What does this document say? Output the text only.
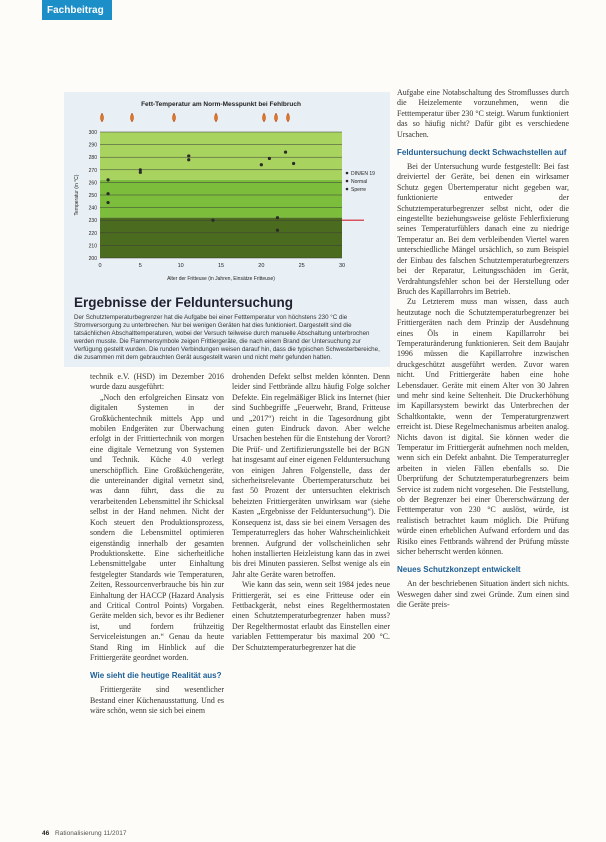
Fachbeitrag
300
290
280
270
260
250
240
230
220
210
200
0	5	10	15	20	25	30
Fett-Temperatur am Norm-Messpunkt bei Fehlbruch
Alter der Fritteuse (in Jahren, Einsätze Fritteuse)
Temperatur (in °C)
DIN/EN 19
Normal
Sperre
Ergebnisse der Felduntersuchung

Der Schutztemperaturbegrenzer hat die Aufgabe bei einer Fetttemperatur von höchstens 230 °C die Stromversorgung zu unterbrechen. Nur bei wenigen Geräten hat dies funktioniert. Dargestellt sind die tatsächlichen Abschalttemperaturen, wobei der Versuch teilweise durch manuelle Abschaltung unterbrochen werden musste. Die Flammensymbole zeigen Frittiergeräte, die nach einem Brand der Untersuchung zur Verfügung gestellt wurden. Die runden Verbindungen weisen darauf hin, dass die typischen Schwesterbereiche, die zusammen mit dem gebrauchten Gerät ausgestellt waren und nicht mehr gefunden hatten.

technik e.V. (HSD) im Dezember 2016 wurde dazu ausgeführt:

„Noch den erfolgreichen Einsatz von digitalen Systemen in der Großküchentechnik mittels App und mobilen Endgeräten zur Überwachung erfolgt in der Frittiertechnik von morgen eine digitale Vernetzung von Systemen und Technik. Küche 4.0 verlegt unerschöpflich. Eine Großküchengeräte, die untereinander digital vernetzt sind, was dann führt, dass die zu verarbeitenden Lebensmittel ihr Schicksal selbst in der Hand nehmen. Nicht der Koch steuert den Produktionsprozess, sondern die Lebensmittel optimieren eigenständig innerhalb der gesamten Produktionskette. Eine sicherheitliche Lebensmittelgabe unter Einhaltung festgelegter Standards wie Temperaturen, Zeiten, Ressourcenverbrauche bis hin zur Einhaltung der HACCP (Hazard Analysis and Critical Control Points) Vorgaben. Geräte melden sich, bevor es ihr Bediener ist, und fordern frühzeitig Serviceleistungen an.“ Genau da heute Stand Ring im Hinblick auf die Frittiergeräte geordnet worden.

Wie sieht die heutige Realität aus?

Frittiergeräte sind wesentlicher Bestand einer Küchenausstattung. Und es wäre schön, wenn sie sich bei einem

drohenden Defekt selbst melden könnten. Denn leider sind Fettbrände allzu häufig Folge solcher Defekte. Ein regelmäßiger Blick ins Internet (hier sind Suchbegriffe „Feuerwehr, Brand, Fritteuse und „2017“) reicht in die Tagesordnung gibt einen guten Eindruck davon. Aber welche Ursachen bestehen für die Entstehung der Vorort? Die Prüf- und Zertifizierungsstelle bei der BGN hat insgesamt auf einer eigenen Felduntersuchung von einigen Jahren Folgenstelle, dass der sicherheitsrelevante Übertemperaturschutz bei fast 50 Prozent der untersuchten elektrisch beheizten Frittiergeräten unwirksam war (siehe Kasten „Ergebnisse der Felduntersuchung“). Die Konsequenz ist, dass sie bei einem Versagen des Temperaturreglers das hoher Wahrscheinlichkeit brennen. Aufgrund der vollscheinlichen sehr hohen installierten Heizleistung kann das in zwei bis drei Minuten passieren. Selbst wenige als ein Jahr alte Geräte waren betroffen.

Wie kann das sein, wenn seit 1984 jedes neue Frittiergerät, sei es eine Fritteuse oder ein Fettbackgerät, nebst eines Regelthermostaten einen Schutztemperaturbegrenzer haben muss? Der Regelthermostat erlaubt das Einstellen einer variablen Fetttemperatur bis maximal 200 °C. Der Schutztemperaturbegrenzer hat die

Aufgabe eine Notabschaltung des Stromflusses durch die Heizelemente vorzunehmen, wenn die Fetttemperatur über 230 °C steigt. Warum funktioniert das so häufig nicht? Dafür gibt es verschiedene Ursachen.

Felduntersuchung deckt Schwachstellen auf

Bei der Untersuchung wurde festgestellt: Bei fast dreiviertel der Geräte, bei denen ein wirksamer Schutz gegen Übertemperatur nicht gegeben war, funktionierte entweder der Schutztemperaturbegrenzer selbst nicht, oder die eingestellte beziehungsweise gelöste Fehlerfixierung seines Temperaturfühlers danach eine zu niedrige Temperatur an. Bei dem verbleibenden Viertel waren unterschiedliche Mängel ursächlich, so zum Beispiel der Einbau des falschen Schutztemperaturbegrenzers bei der Reparatur, Leitungsschäden im Gerät, Verdrahtungsfehler schon bei der Herstellung oder Bruch des Kapillarrohrs im Betrieb.

Zu Letzterem muss man wissen, dass auch heutzutage noch die Schutztemperaturbegrenzer bei Frittiergeräten nach dem Prinzip der Ausdehnung eines Öls in einem Kapillarrohr bei Temperaturänderung funktionieren. Seit dem Baujahr 1996 müssen die Kapillarrohre inzwischen druckgeschützt ausgeführt werden. Zuvor waren nicht. Und Frittiergeräte haben eine hohe Lebensdauer. Geräte mit einem Alter von 30 Jahren und mehr sind keine Seltenheit. Die Druckerhöhung im Kapillarsystem bewirkt das Unterbrechen der Schaltkontakte, wenn der Temperaturgrenzwert erreicht ist. Diese Regelmechanismus arbeiten analog. Nichts davon ist digital. Sie können weder die Temperatur im Frittiergerät aufnehmen noch melden, wenn sich ein Defekt anbahnt. Die Temperaturregler arbeiten in vielen Fällen ebenfalls so. Die Überprüfung der Schutztemperaturbegrenzers beim Service ist zudem nicht vorgesehen. Die Feststellung, ob der Begrenzer bei einer Übererschwärzung der Fetttemperatur von 230 °C auslöst, würde, ist realistisch betrachtet kaum möglich. Die Prüfung würde einen erheblichen Aufwand erfordern und das Risiko eines Fettbrands während der Prüfung müsste sicher beherrscht werden können.

Neues Schutzkonzept entwickelt

An der beschriebenen Situation ändert sich nichts. Weswegen daher sind zwei Gründe. Zum einen sind die Geräte preis-

46 Rationalisierung 11/2017
